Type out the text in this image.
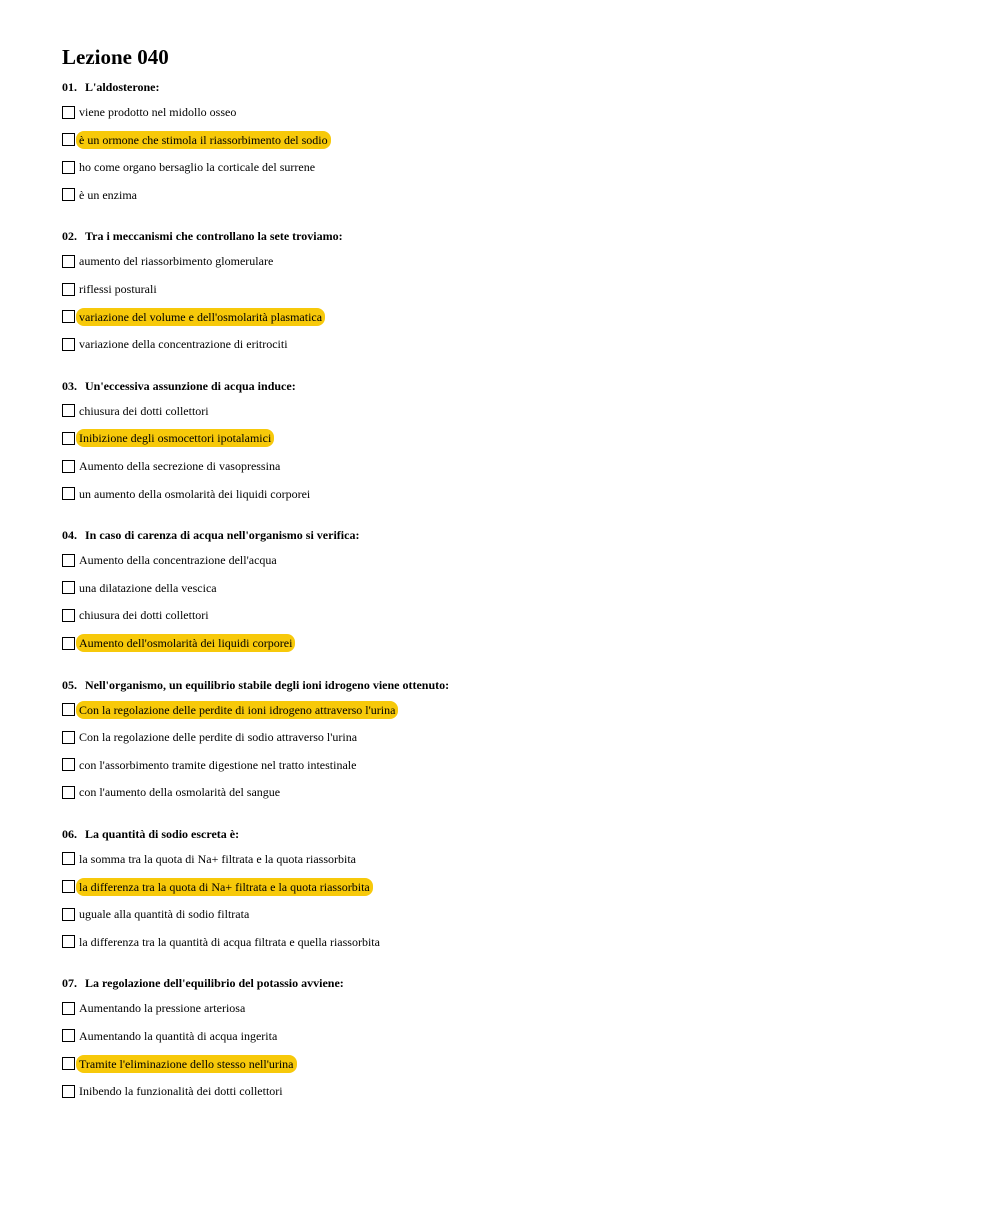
Lezione 040
01. L'aldosterone:
viene prodotto nel midollo osseo
è un ormone che stimola il riassorbimento del sodio
ho come organo bersaglio la corticale del surrene
è un enzima
02. Tra i meccanismi che controllano la sete troviamo:
aumento del riassorbimento glomerulare
riflessi posturali
variazione del volume e dell'osmolarità plasmatica
variazione della concentrazione di eritrociti
03. Un'eccessiva assunzione di acqua induce:
chiusura dei dotti collettori
Inibizione degli osmocettori ipotalamici
Aumento della secrezione di vasopressina
un aumento della osmolarità dei liquidi corporei
04. In caso di carenza di acqua nell'organismo si verifica:
Aumento della concentrazione dell'acqua
una dilatazione della vescica
chiusura dei dotti collettori
Aumento dell'osmolarità dei liquidi corporei
05. Nell'organismo, un equilibrio stabile degli ioni idrogeno viene ottenuto:
Con la regolazione delle perdite di ioni idrogeno attraverso l'urina
Con la regolazione delle perdite di sodio attraverso l'urina
con l'assorbimento tramite digestione nel tratto intestinale
con l'aumento della osmolarità del sangue
06. La quantità di sodio escreta è:
la somma tra la quota di Na+ filtrata e la quota riassorbita
la differenza tra la quota di Na+ filtrata e la quota riassorbita
uguale alla quantità di sodio filtrata
la differenza tra la quantità di acqua filtrata e quella riassorbita
07. La regolazione dell'equilibrio del potassio avviene:
Aumentando la pressione arteriosa
Aumentando la quantità di acqua ingerita
Tramite l'eliminazione dello stesso nell'urina
Inibendo la funzionalità dei dotti collettori
